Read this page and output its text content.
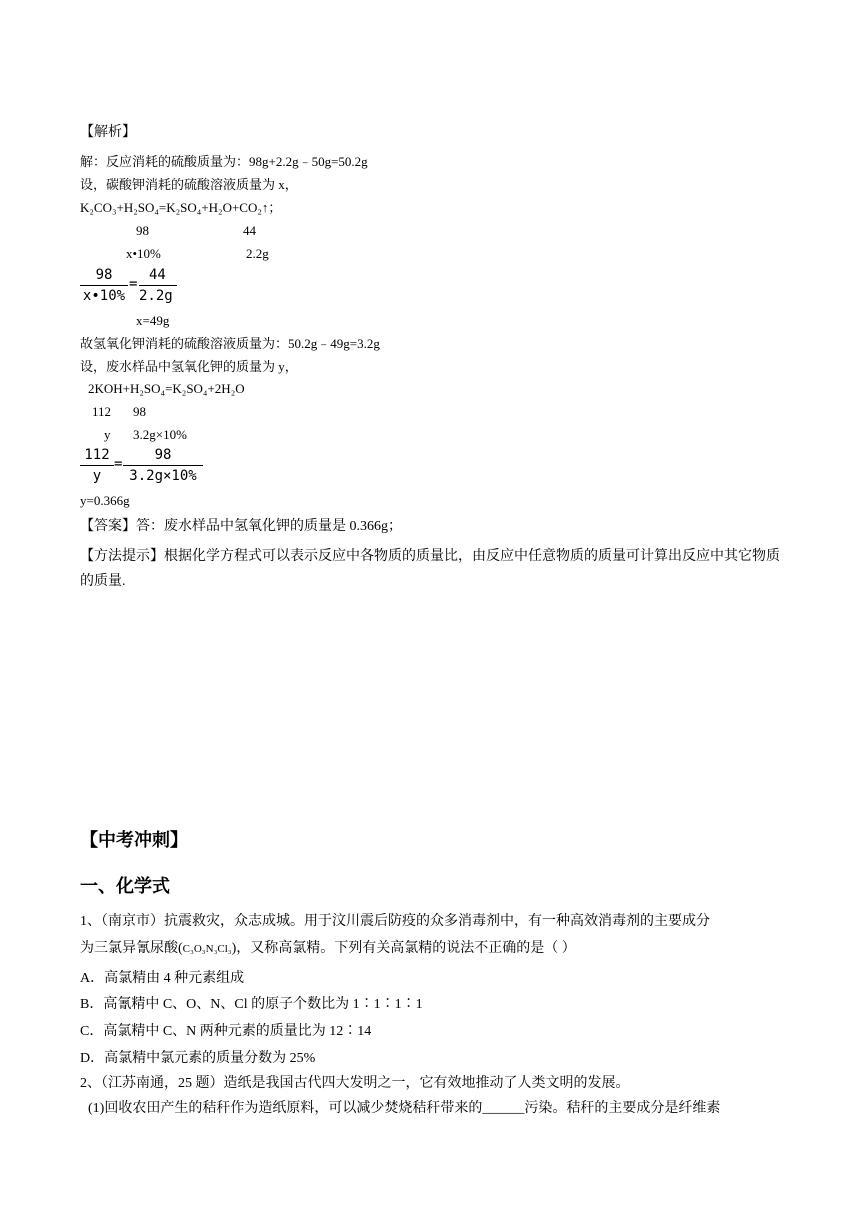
【解析】
解：反应消耗的硫酸质量为：98g+2.2g﹣50g=50.2g
设，碳酸钾消耗的硫酸溶液质量为 x，
K₂CO₃+H₂SO₄=K₂SO₄+H₂O+CO₂↑；
98	44
x•10%	2.2g
98
x•10%
=
44
2.2g
x=49g
故氢氧化钾消耗的硫酸溶液质量为：50.2g﹣49g=3.2g
设，废水样品中氢氧化钾的质量为 y，
2KOH+H₂SO₄=K₂SO₄+2H₂O
112 98
y 3.2g×10%
112
y
=
98
3.2g×10%
y=0.366g
【答案】答：废水样品中氢氧化钾的质量是 0.366g；
【方法提示】根据化学方程式可以表示反应中各物质的质量比，由反应中任意物质的质量可计算出反应中其它物质的质量.
【中考冲刺】
一、化学式
1、（南京市）抗震救灾，众志成城。用于汶川震后防疫的众多消毒剂中，有一种高效消毒剂的主要成分
为三氯异氰尿酸(C₃O₃N₃Cl₃)，又称高氯精。下列有关高氯精的说法不正确的是（ ）
A．高氯精由 4 种元素组成
B．高氰精中 C、O、N、Cl 的原子个数比为 1∶1∶1∶1
C．高氯精中 C、N 两种元素的质量比为 12∶14
D．高氯精中氯元素的质量分数为 25%
2、（江苏南通，25 题）造纸是我国古代四大发明之一，它有效地推动了人类文明的发展。
(1)回收农田产生的秸秆作为造纸原料，可以减少焚烧秸秆带来的______污染。秸秆的主要成分是纤维素
